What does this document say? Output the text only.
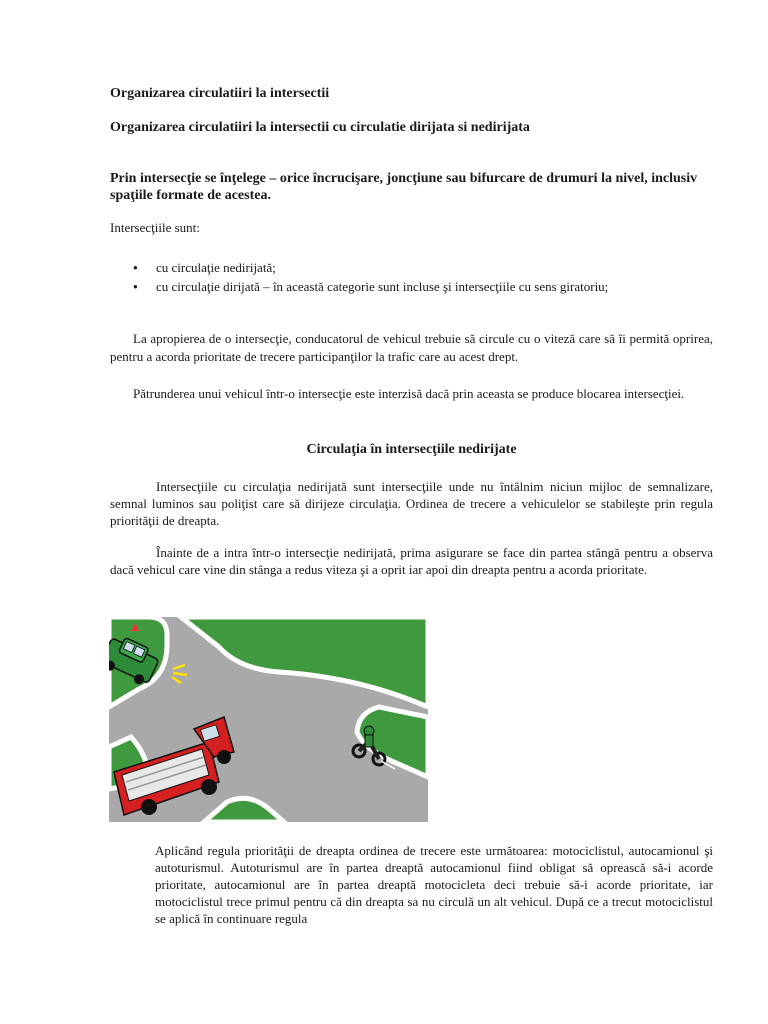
Organizarea circulatiiri la intersectii
Organizarea circulatiiri la intersectii cu circulatie dirijata si nedirijata
Prin intersecţie se înţelege – orice încrucişare, joncţiune sau bifurcare de drumuri la nivel, inclusiv spaţiile formate de acestea.
Intersecţiile sunt:
● cu circulaţie nedirijată;
● cu circulaţie dirijată – în această categorie sunt incluse şi intersecţiile cu sens giratoriu;
La apropierea de o intersecţie, conducatorul de vehicul trebuie să circule cu o viteză care să îi permită oprirea, pentru a acorda prioritate de trecere participanţilor la trafic care au acest drept.
Pătrunderea unui vehicul într-o intersecţie este interzisă dacă prin aceasta se produce blocarea intersecţiei.
Circulaţia în intersecţiile nedirijate
Intersecţiile cu circulaţia nedirijată sunt intersecţiile unde nu întâlnim niciun mijloc de semnalizare, semnal luminos sau poliţist care să dirijeze circulaţia. Ordinea de trecere a vehiculelor se stabileşte prin regula priorităţii de dreapta.
Înainte de a intra într-o intersecţie nedirijată, prima asigurare se face din partea stângă pentru a observa dacă vehicul care vine din stânga a redus viteza şi a oprit iar apoi din dreapta pentru a acorda prioritate.
Aplicând regula priorităţii de dreapta ordinea de trecere este următoarea: motociclistul, autocamionul şi autoturismul. Autoturismul are în partea dreaptă autocamionul fiind obligat să oprească să-i acorde prioritate, autocamionul are în partea dreaptă motocicleta deci trebuie să-i acorde prioritate, iar motociclistul trece primul pentru că din dreapta sa nu circulă un alt vehicul. După ce a trecut motociclistul se aplică în continuare regula
